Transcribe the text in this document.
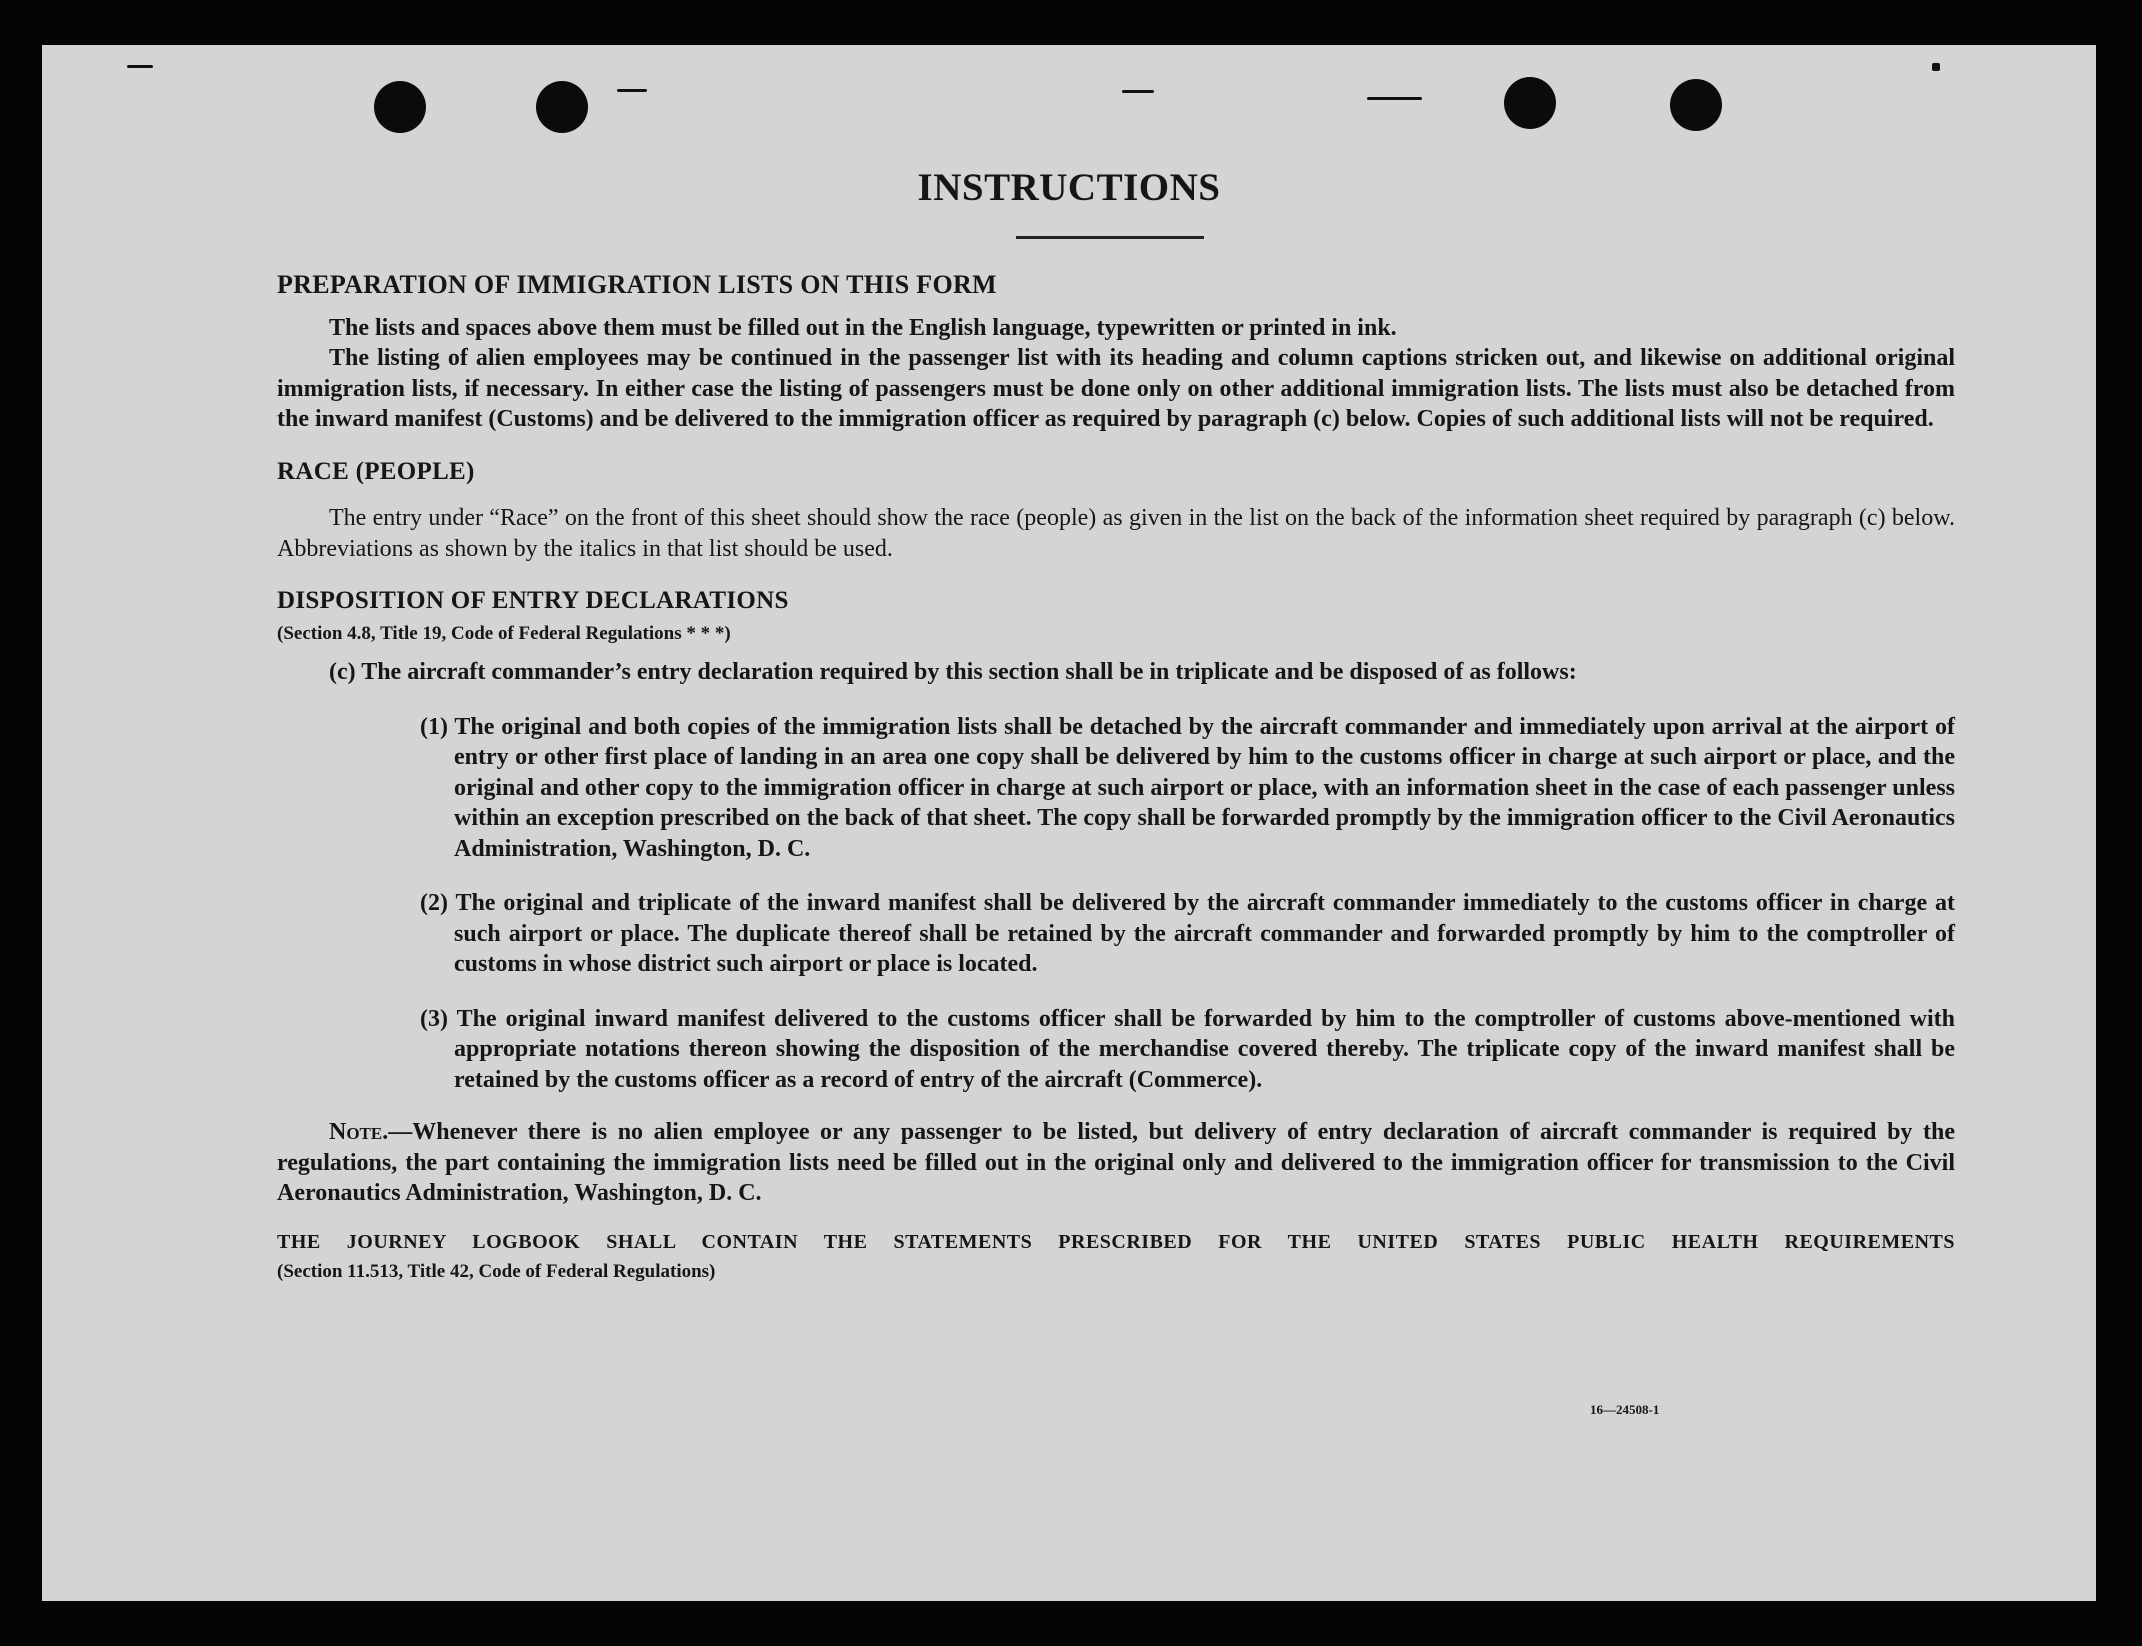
INSTRUCTIONS

PREPARATION OF IMMIGRATION LISTS ON THIS FORM

The lists and spaces above them must be filled out in the English language, typewritten or printed in ink.

The listing of alien employees may be continued in the passenger list with its heading and column captions stricken out, and likewise on additional original immigration lists, if necessary. In either case the listing of passengers must be done only on other additional immigration lists. The lists must also be detached from the inward manifest (Customs) and be delivered to the immigration officer as required by paragraph (c) below. Copies of such additional lists will not be required.

RACE (PEOPLE)

The entry under “Race” on the front of this sheet should show the race (people) as given in the list on the back of the information sheet required by paragraph (c) below. Abbreviations as shown by the italics in that list should be used.

DISPOSITION OF ENTRY DECLARATIONS

(Section 4.8, Title 19, Code of Federal Regulations * * *)

(c) The aircraft commander’s entry declaration required by this section shall be in triplicate and be disposed of as follows:

(1) The original and both copies of the immigration lists shall be detached by the aircraft commander and immediately upon arrival at the airport of entry or other first place of landing in an area one copy shall be delivered by him to the customs officer in charge at such airport or place, and the original and other copy to the immigration officer in charge at such airport or place, with an information sheet in the case of each passenger unless within an exception prescribed on the back of that sheet. The copy shall be forwarded promptly by the immigration officer to the Civil Aeronautics Administration, Washington, D. C.

(2) The original and triplicate of the inward manifest shall be delivered by the aircraft commander immediately to the customs officer in charge at such airport or place. The duplicate thereof shall be retained by the aircraft commander and forwarded promptly by him to the comptroller of customs in whose district such airport or place is located.

(3) The original inward manifest delivered to the customs officer shall be forwarded by him to the comptroller of customs above-mentioned with appropriate notations thereon showing the disposition of the merchandise covered thereby. The triplicate copy of the inward manifest shall be retained by the customs officer as a record of entry of the aircraft (Commerce).

Note.—Whenever there is no alien employee or any passenger to be listed, but delivery of entry declaration of aircraft commander is required by the regulations, the part containing the immigration lists need be filled out in the original only and delivered to the immigration officer for transmission to the Civil Aeronautics Administration, Washington, D. C.

THE JOURNEY LOGBOOK SHALL CONTAIN THE STATEMENTS PRESCRIBED FOR THE UNITED STATES PUBLIC HEALTH REQUIREMENTS

(Section 11.513, Title 42, Code of Federal Regulations)

16—24508-1
